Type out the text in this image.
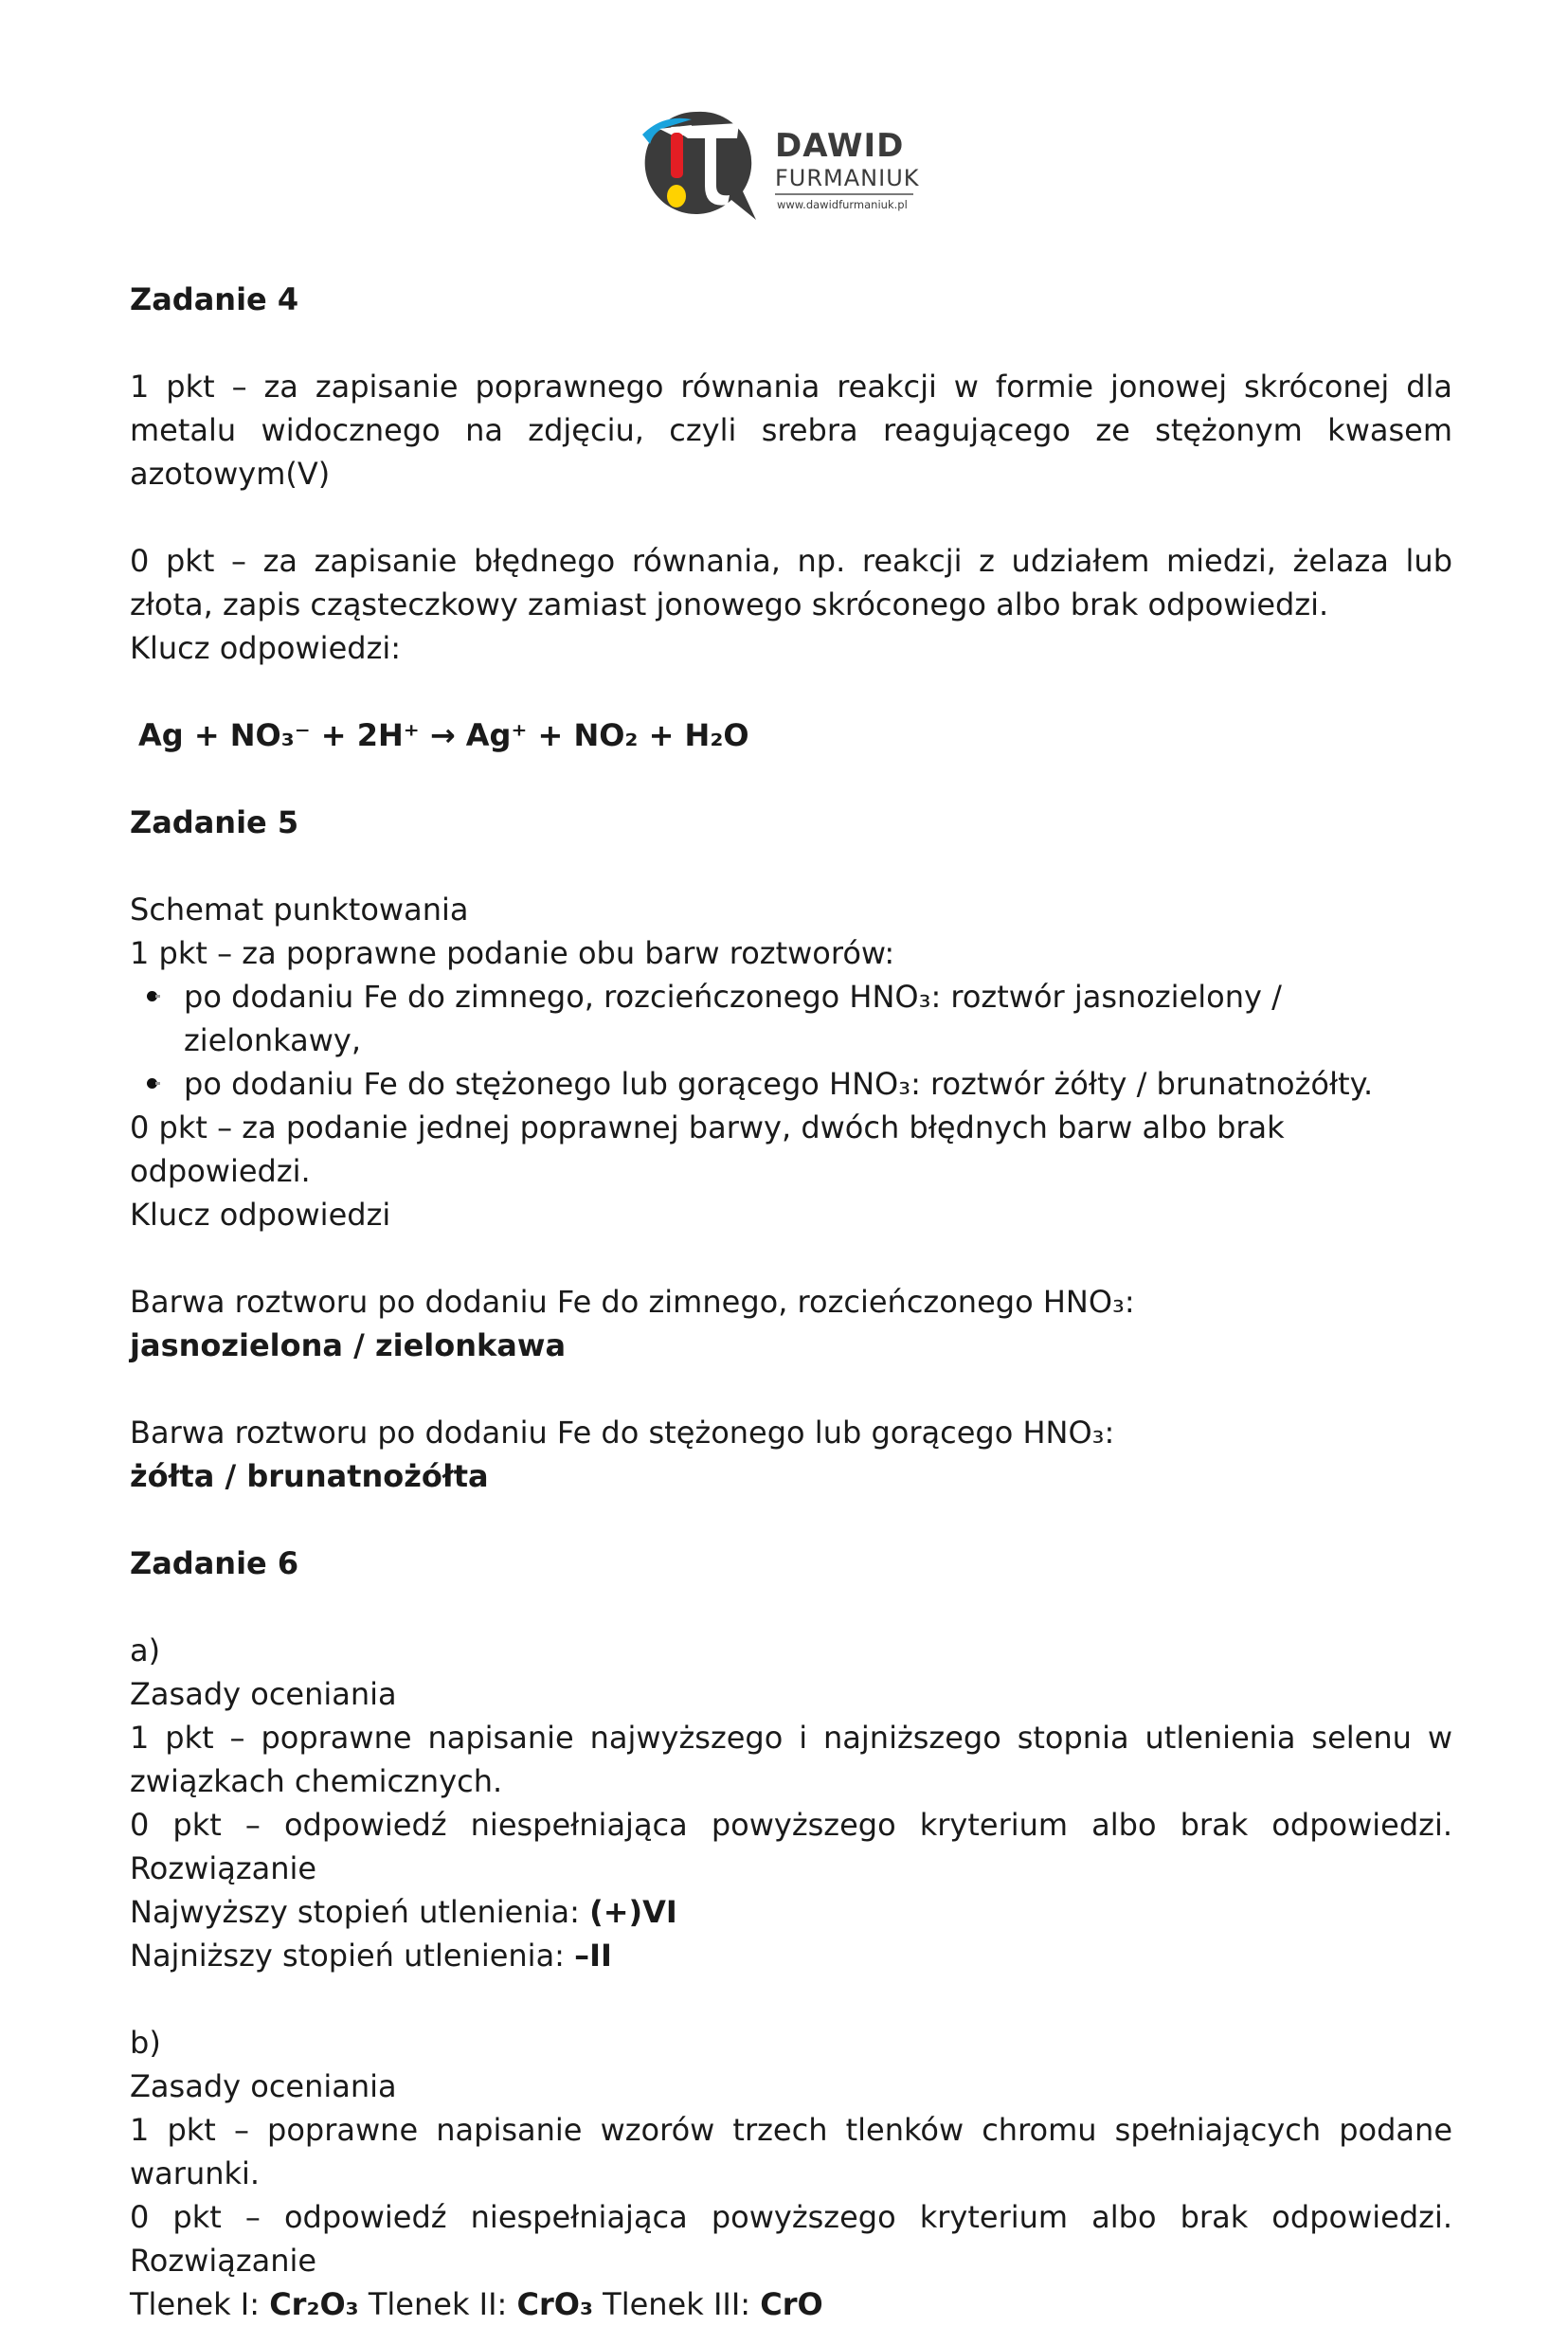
DAWID
FURMANIUK
www.dawidfurmaniuk.pl

Zadanie 4

1 pkt – za zapisanie poprawnego równania reakcji w formie jonowej skróconej dla metalu widocznego na zdjęciu, czyli srebra reagującego ze stężonym kwasem azotowym(V)

0 pkt – za zapisanie błędnego równania, np. reakcji z udziałem miedzi, żelaza lub złota, zapis cząsteczkowy zamiast jonowego skróconego albo brak odpowiedzi.

Klucz odpowiedzi:

Ag + NO₃⁻ + 2H⁺ → Ag⁺ + NO₂ + H₂O

Zadanie 5

Schemat punktowania

1 pkt – za poprawne podanie obu barw roztworów:

po dodaniu Fe do zimnego, rozcieńczonego HNO₃: roztwór jasnozielony / zielonkawy,

po dodaniu Fe do stężonego lub gorącego HNO₃: roztwór żółty / brunatnożółty.

0 pkt – za podanie jednej poprawnej barwy, dwóch błędnych barw albo brak odpowiedzi.

Klucz odpowiedzi

Barwa roztworu po dodaniu Fe do zimnego, rozcieńczonego HNO₃:

jasnozielona / zielonkawa

Barwa roztworu po dodaniu Fe do stężonego lub gorącego HNO₃:

żółta / brunatnożółta

Zadanie 6

a)

Zasady oceniania

1 pkt – poprawne napisanie najwyższego i najniższego stopnia utlenienia selenu w związkach chemicznych.

0 pkt – odpowiedź niespełniająca powyższego kryterium albo brak odpowiedzi. Rozwiązanie

Najwyższy stopień utlenienia: (+)VI

Najniższy stopień utlenienia: –II

b)

Zasady oceniania

1 pkt – poprawne napisanie wzorów trzech tlenków chromu spełniających podane warunki.

0 pkt – odpowiedź niespełniająca powyższego kryterium albo brak odpowiedzi. Rozwiązanie

Tlenek I: Cr₂O₃ Tlenek II: CrO₃ Tlenek III: CrO
